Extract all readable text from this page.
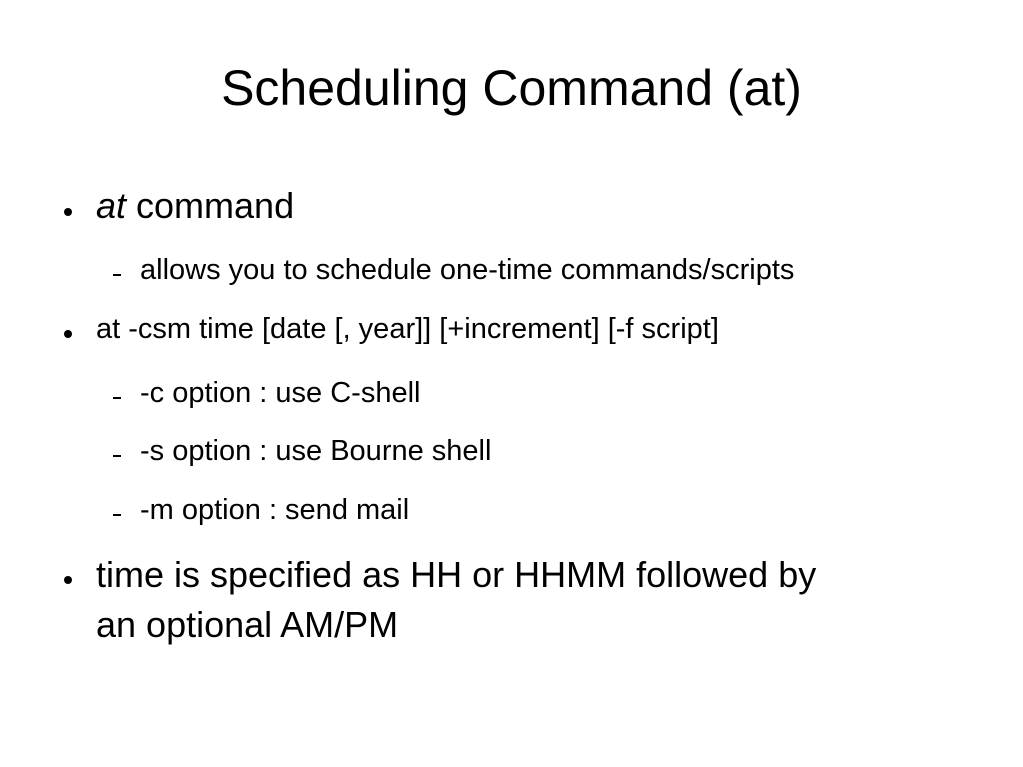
Scheduling Command (at)
at command
allows you to schedule one-time commands/scripts
at -csm time [date [, year]] [+increment] [-f script]
-c option : use C-shell
-s option : use Bourne shell
-m option : send mail
time is specified as HH or HHMM followed by
an optional AM/PM
